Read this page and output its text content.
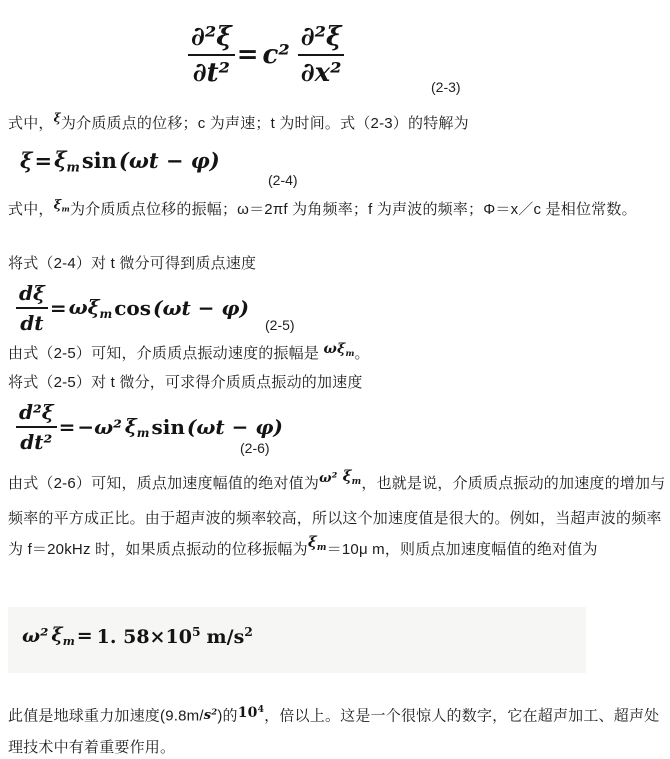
$\frac{\text{∂²ξ}}{\text{∂t²}} = c^2 \frac{\text{∂²ξ}}{\text{∂x²}}$	(2-3)
式中，$^\xi$为介质质点的位移；c 为声速；t 为时间。式（2-3）的特解为
$\xi = \xi_m$ sin (ωt − φ)
(2-4)
式中，$\xi_m$为介质质点位移的振幅；ω＝2πf 为角频率；f 为声波的频率；Φ＝x／c 是相位常数。
将式（2-4）对 t 微分可得到质点速度
$\frac{d\xi}{dt} = \omega\xi_m$ cos (ωt − φ)
(2-5)
由式（2-5）可知，介质质点振动速度的振幅是 $\omega\xi_m$。
将式（2-5）对 t 微分，可求得介质质点振动的加速度
$\frac{\text{d²ξ}}{\text{dt²}} = -\omega^2$ $\xi_m$ sin (ωt − φ)
(2-6)
由式（2-6）可知，质点加速度幅值的绝对值为ω² $\xi_m$，也就是说，介质质点振动的加速度的增加与频率的平方成正比。由于超声波的频率较高，所以这个加速度值是很大的。例如，当超声波的频率为 f＝20kHz 时，如果质点振动的位移振幅为$\xi_m=10\mu$ m，则质点加速度幅值的绝对值为
ω² $\xi_m = 1$. $58\times 10^5$ $m/s^2$
此值是地球重力加速度$(9.8m/s^2)$的$10^4$，倍以上。这是一个很惊人的数字，它在超声加工、超声处理技术中有着重要作用。
